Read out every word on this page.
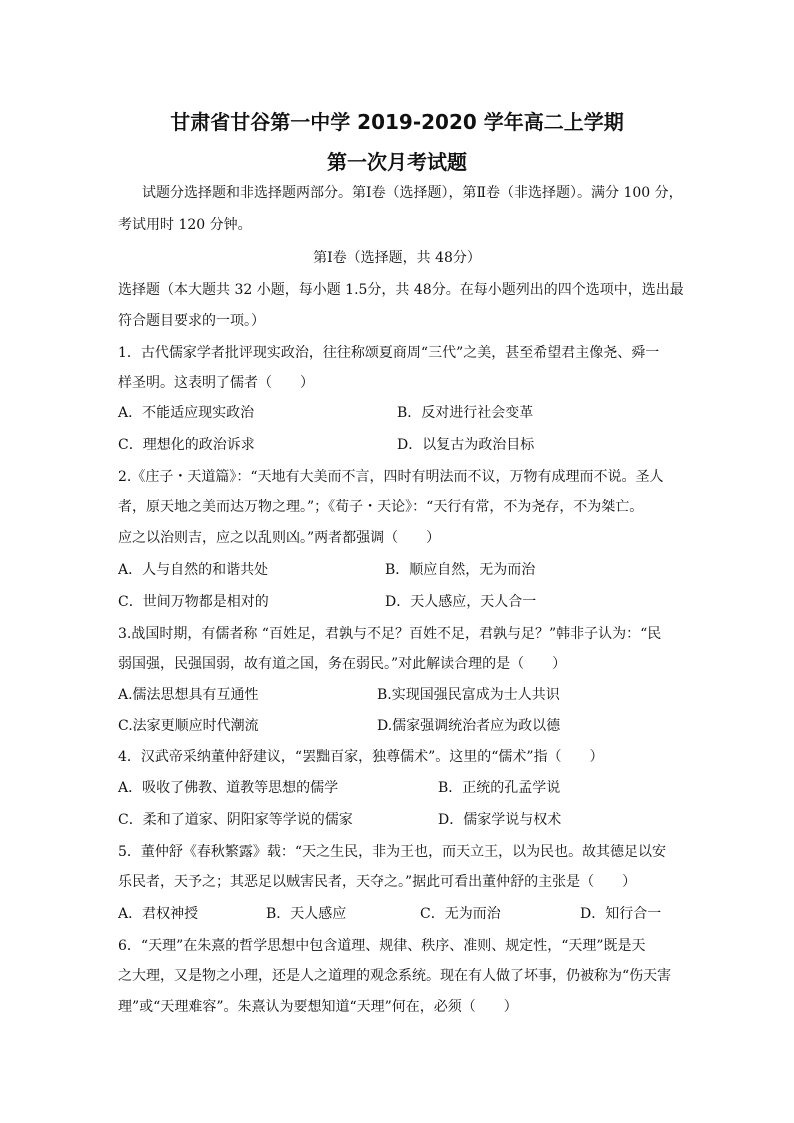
甘肃省甘谷第一中学 2019-2020 学年高二上学期
第一次月考试题
试题分选择题和非选择题两部分。第Ⅰ卷（选择题），第Ⅱ卷（非选择题）。满分 100 分，
考试用时 120 分钟。
第Ⅰ卷（选择题，共 48分）
选择题（本大题共 32 小题，每小题 1.5分，共 48分。在每小题列出的四个选项中，选出最
符合题目要求的一项。）
1．古代儒家学者批评现实政治，往往称颂夏商周“三代”之美，甚至希望君主像尧、舜一
样圣明。这表明了儒者（　　）
A．不能适应现实政治	B．反对进行社会变革
C．理想化的政治诉求	D．以复古为政治目标
2.《庄子・天道篇》：“天地有大美而不言，四时有明法而不议，万物有成理而不说。圣人
者，原天地之美而达万物之理。”；《荀子・天论》：“天行有常，不为尧存，不为桀亡。
应之以治则吉，应之以乱则凶。”两者都强调（　　）
A．人与自然的和谐共处	B．顺应自然，无为而治
C．世间万物都是相对的	D．天人感应，天人合一
3.战国时期，有儒者称 “百姓足，君孰与不足？百姓不足，君孰与足？”韩非子认为：“民
弱国强，民强国弱，故有道之国，务在弱民。”对此解读合理的是（　　）
A.儒法思想具有互通性	B.实现国强民富成为士人共识
C.法家更顺应时代潮流	D.儒家强调统治者应为政以德
4．汉武帝采纳董仲舒建议，“罢黜百家，独尊儒术”。这里的“儒术”指（　　）
A．吸收了佛教、道教等思想的儒学	B．正统的孔孟学说
C．柔和了道家、阴阳家等学说的儒家	D．儒家学说与权术
5．董仲舒《春秋繁露》载：“天之生民，非为王也，而天立王，以为民也。故其德足以安
乐民者，天予之；其恶足以贼害民者，天夺之。”据此可看出董仲舒的主张是（　　）
A．君权神授	B．天人感应	C．无为而治	D．知行合一
6．“天理”在朱熹的哲学思想中包含道理、规律、秩序、准则、规定性，“天理”既是天
之大理，又是物之小理，还是人之道理的观念系统。现在有人做了坏事，仍被称为“伤天害
理”或“天理难容”。朱熹认为要想知道“天理”何在，必须（　　）
